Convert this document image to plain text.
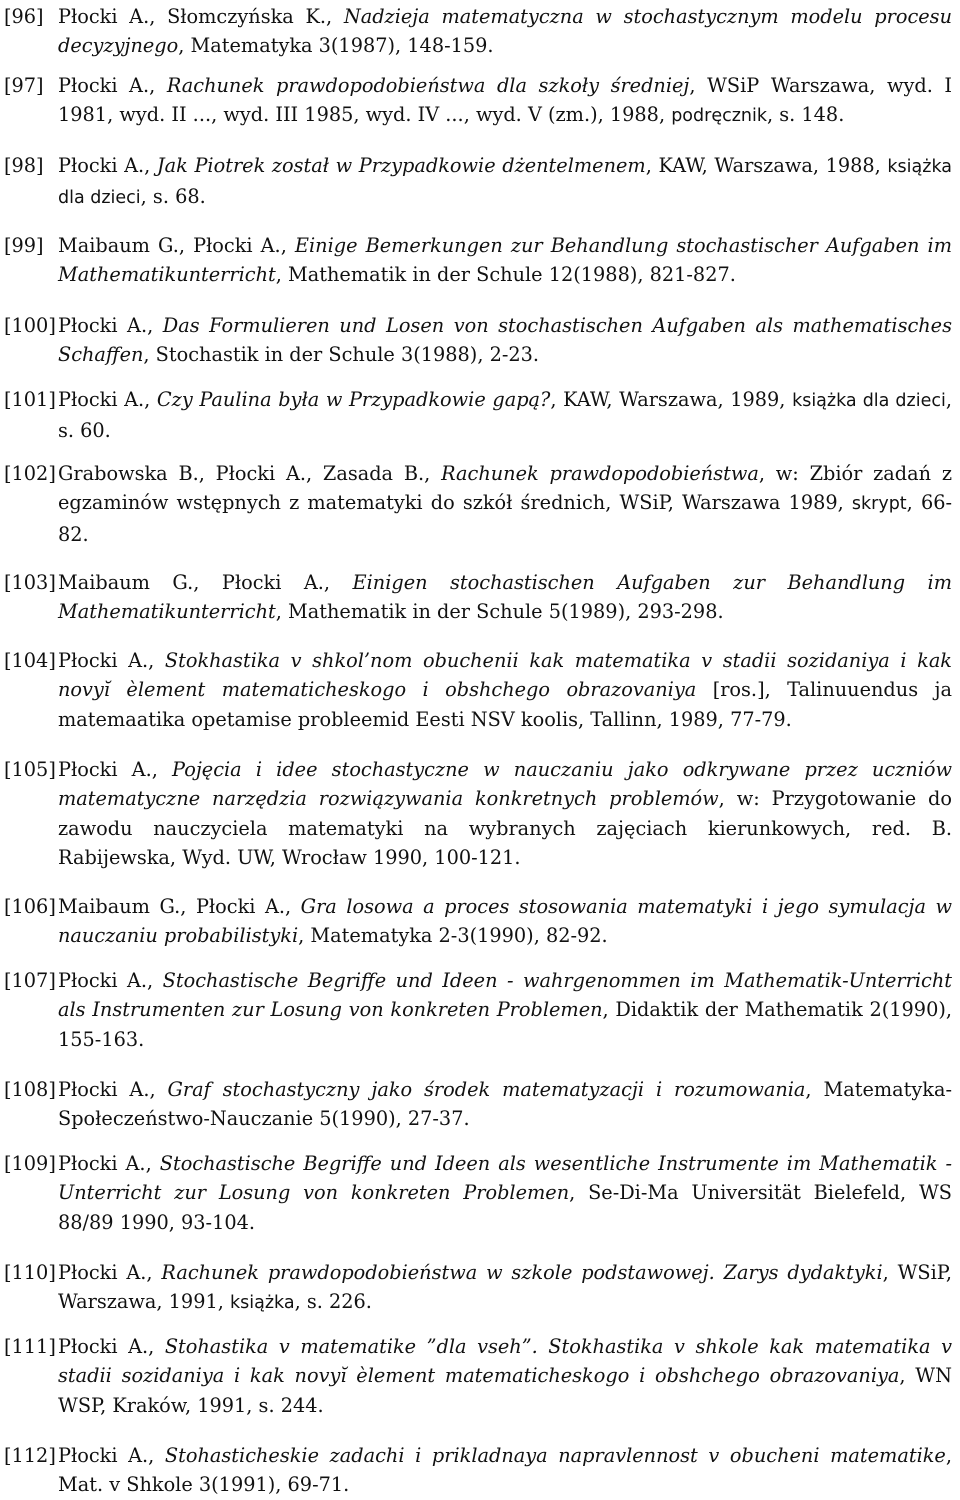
[96] Płocki A., Słomczyńska K., Nadzieja matematyczna w stochastycznym modelu procesu decyzyjnego, Matematyka 3(1987), 148-159.
[97] Płocki A., Rachunek prawdopodobieństwa dla szkoły średniej, WSiP Warszawa, wyd. I 1981, wyd. II ..., wyd. III 1985, wyd. IV ..., wyd. V (zm.), 1988, podręcznik, s. 148.
[98] Płocki A., Jak Piotrek został w Przypadkowie dżentelmenem, KAW, Warszawa, 1988, książka dla dzieci, s. 68.
[99] Maibaum G., Płocki A., Einige Bemerkungen zur Behandlung stochastischer Aufgaben im Mathematikunterricht, Mathematik in der Schule 12(1988), 821-827.
[100] Płocki A., Das Formulieren und Losen von stochastischen Aufgaben als mathematisches Schaffen, Stochastik in der Schule 3(1988), 2-23.
[101] Płocki A., Czy Paulina była w Przypadkowie gapą?, KAW, Warszawa, 1989, książka dla dzieci, s. 60.
[102] Grabowska B., Płocki A., Zasada B., Rachunek prawdopodobieństwa, w: Zbiór zadań z egzaminów wstępnych z matematyki do szkół średnich, WSiP, Warszawa 1989, skrypt, 66-82.
[103] Maibaum G., Płocki A., Einigen stochastischen Aufgaben zur Behandlung im Mathematikunterricht, Mathematik in der Schule 5(1989), 293-298.
[104] Płocki A., Stokhastika v shkol’nom obuchenii kak matematika v stadii sozidaniya i kak novyĭ èlement matematicheskogo i obshchego obrazovaniya [ros.], Talinuuendus ja matemaatika opetamise probleemid Eesti NSV koolis, Tallinn, 1989, 77-79.
[105] Płocki A., Pojęcia i idee stochastyczne w nauczaniu jako odkrywane przez uczniów matematyczne narzędzia rozwiązywania konkretnych problemów, w: Przygotowanie do zawodu nauczyciela matematyki na wybranych zajęciach kierunkowych, red. B. Rabijewska, Wyd. UW, Wrocław 1990, 100-121.
[106] Maibaum G., Płocki A., Gra losowa a proces stosowania matematyki i jego symulacja w nauczaniu probabilistyki, Matematyka 2-3(1990), 82-92.
[107] Płocki A., Stochastische Begriffe und Ideen - wahrgenommen im Mathematik-Unterricht als Instrumenten zur Losung von konkreten Problemen, Didaktik der Mathematik 2(1990), 155-163.
[108] Płocki A., Graf stochastyczny jako środek matematyzacji i rozumowania, Matematyka-Społeczeństwo-Nauczanie 5(1990), 27-37.
[109] Płocki A., Stochastische Begriffe und Ideen als wesentliche Instrumente im Mathematik - Unterricht zur Losung von konkreten Problemen, Se-Di-Ma Universität Bielefeld, WS 88/89 1990, 93-104.
[110] Płocki A., Rachunek prawdopodobieństwa w szkole podstawowej. Zarys dydaktyki, WSiP, Warszawa, 1991, książka, s. 226.
[111] Płocki A., Stohastika v matematike ”dla vseh”. Stokhastika v shkole kak matematika v stadii sozidaniya i kak novyĭ èlement matematicheskogo i obshchego obrazovaniya, WN WSP, Kraków, 1991, s. 244.
[112] Płocki A., Stohasticheskie zadachi i prikladnaya napravlennost v obucheni matematike, Mat. v Shkole 3(1991), 69-71.
